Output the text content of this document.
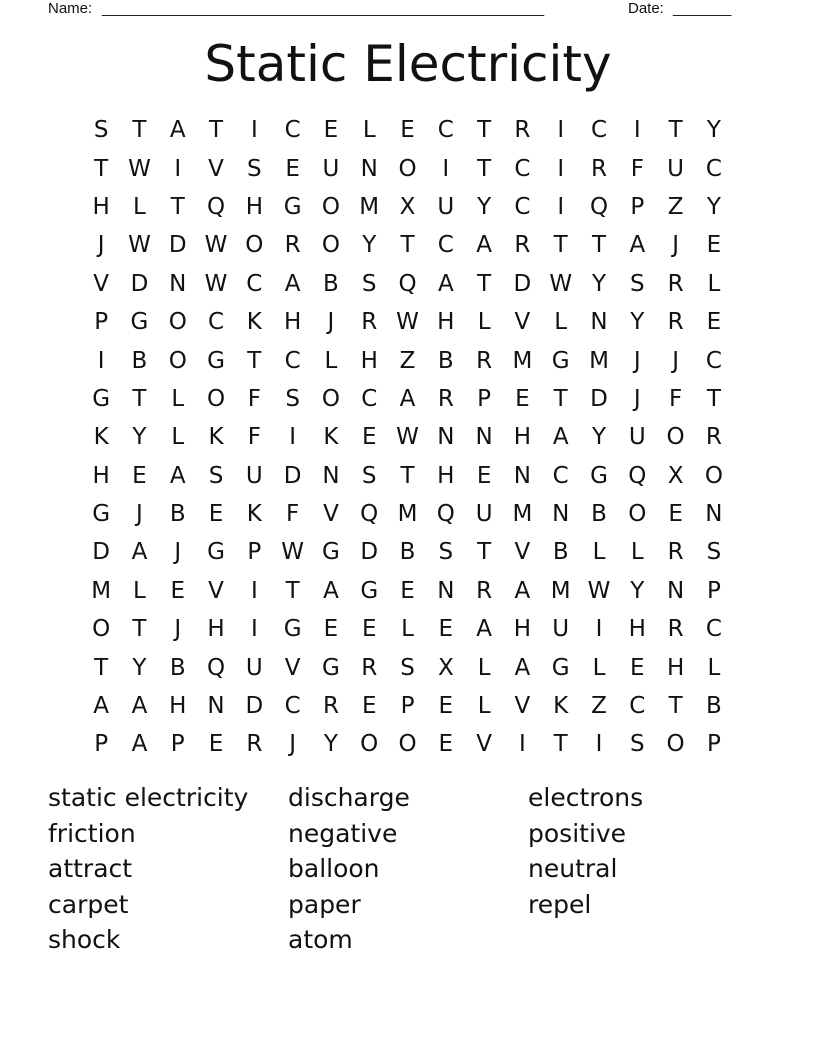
Name: _____________________________________________________	Date: _______
Static Electricity
S	T	A	T	I	C	E	L	E C	T	R	I	C	I	T	Y
T W	I	V	S	E U N O	I	T	C	I	R	F	U C
H	L	T Q H G O M X U Y	C	I	Q P	Z	Y
J	W D W O R O Y	T	C A R	T	T	A	J	E
V D N W C A B	S Q A	T D W Y	S	R	L
P G O C K H	J	R W H	L	V	L	N Y	R	E
I	B O G T	C	L	H Z B R M G M	J	J	C
G T	L O F	S O C A R	P	E	T D	J	F	T
K	Y	L	K	F	I	K	E W N N H A	Y U O R
H E	A	S U D N S	T H E N C G Q X O
G	J	B	E	K	F	V Q M Q U M N B O E N
D A	J	G P W G D B	S	T	V B	L	L	R	S
M L	E	V	I	T	A G E N R A M W Y N P
O T	J	H	I	G E	E	L	E	A H U	I	H R C
T	Y	B Q U V G R	S	X	L	A G L	E H	L
A A H N D C R	E	P	E	L	V K Z C	T	B
P	A	P	E	R	J	Y O O E	V	I	T	I	S O P
static electricity
friction
attract
carpet
shock
discharge
negative
balloon
paper
atom
electrons
positive
neutral
repel
